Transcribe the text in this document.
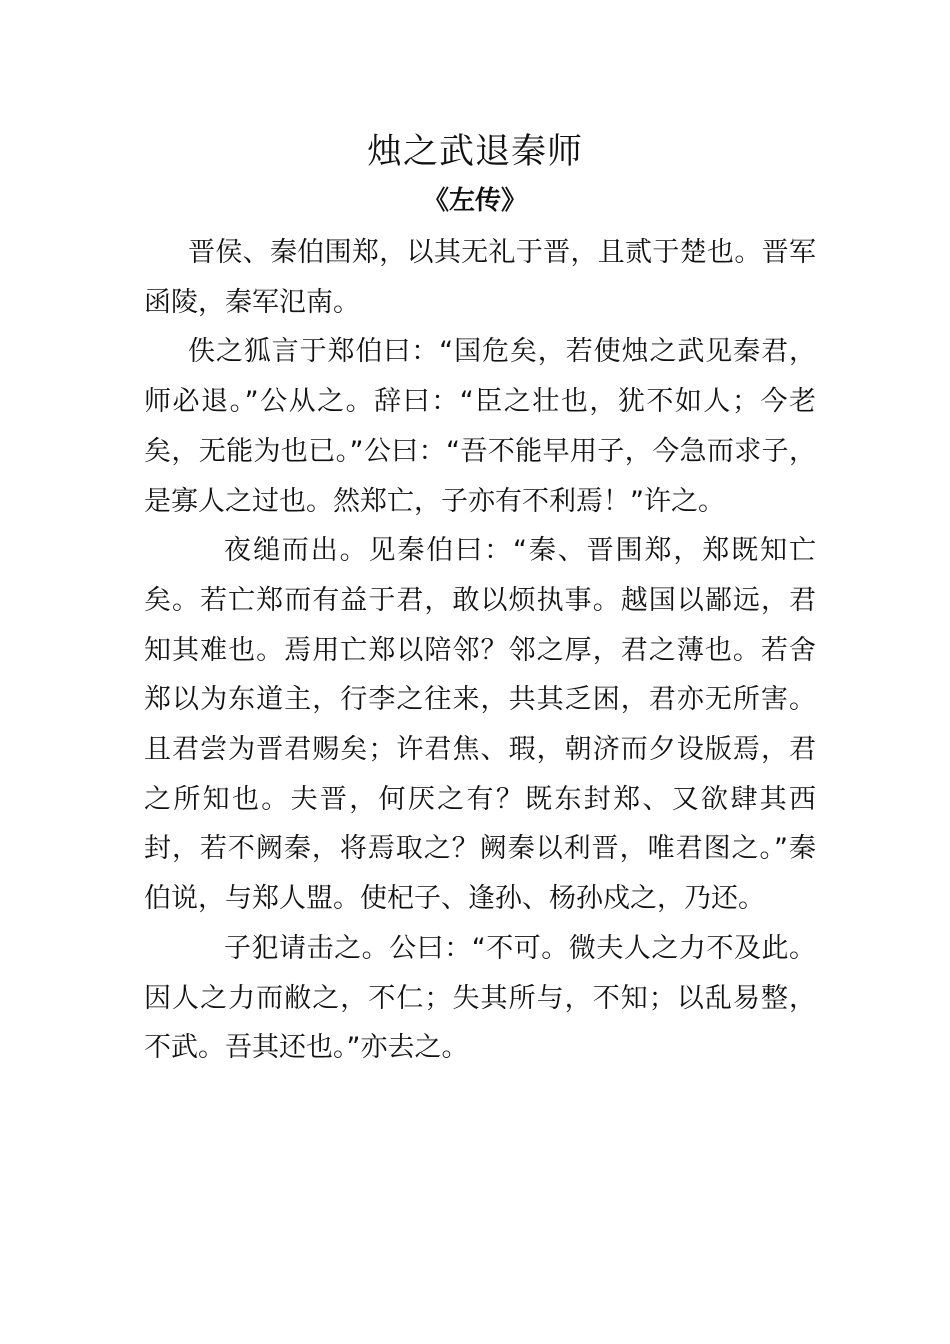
烛之武退秦师
《左传》

晋侯、秦伯围郑，以其无礼于晋，且贰于楚也。晋军函陵，秦军氾南。

佚之狐言于郑伯曰：“国危矣，若使烛之武见秦君，师必退。”公从之。辞曰：“臣之壮也，犹不如人；今老矣，无能为也已。”公曰：“吾不能早用子，今急而求子，是寡人之过也。然郑亡，子亦有不利焉！”许之。

夜缒而出。见秦伯曰：“秦、晋围郑，郑既知亡矣。若亡郑而有益于君，敢以烦执事。越国以鄙远，君知其难也。焉用亡郑以陪邻？邻之厚，君之薄也。若舍郑以为东道主，行李之往来，共其乏困，君亦无所害。且君尝为晋君赐矣；许君焦、瑕，朝济而夕设版焉，君之所知也。夫晋，何厌之有？既东封郑、又欲肆其西封，若不阙秦，将焉取之？阙秦以利晋，唯君图之。”秦伯说，与郑人盟。使杞子、逢孙、杨孙戍之，乃还。

子犯请击之。公曰：“不可。微夫人之力不及此。因人之力而敝之，不仁；失其所与，不知；以乱易整，不武。吾其还也。”亦去之。
